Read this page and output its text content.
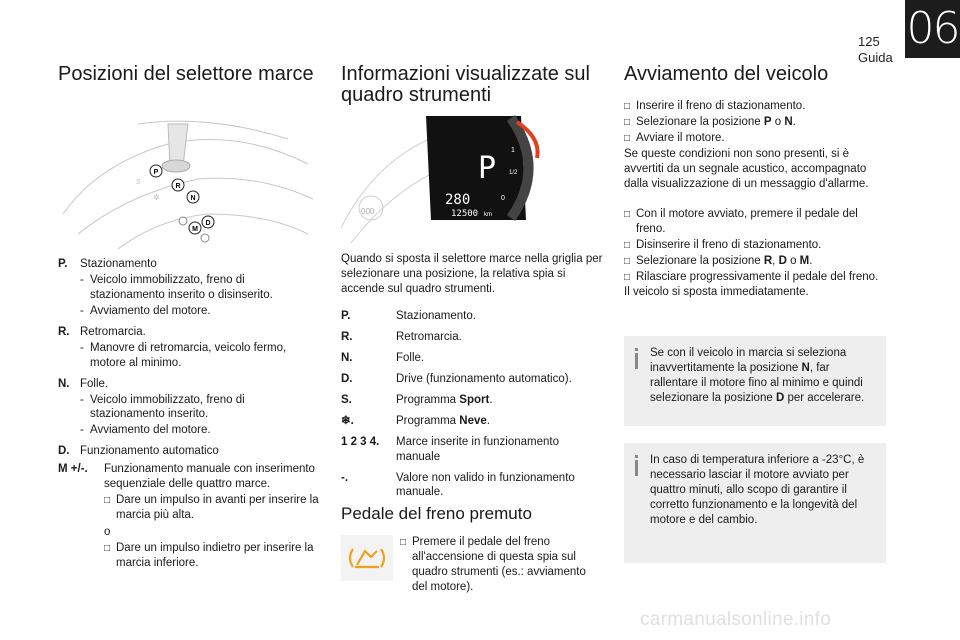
125
Guida
06
Posizioni del selettore marce
P
R
N
D
M
S
✲
P.	Stazionamento
- Veicolo immobilizzato, freno di stazionamento inserito o disinserito.
- Avviamento del motore.
R. Retromarcia.
- Manovre di retromarcia, veicolo fermo, motore al minimo.
N. Folle.
- Veicolo immobilizzato, freno di stazionamento inserito.
- Avviamento del motore.
D. Funzionamento automatico
M +/-.	Funzionamento manuale con inserimento sequenziale delle quattro marce.
□ Dare un impulso in avanti per inserire la marcia più alta.
o
□ Dare un impulso indietro per inserire la marcia inferiore.
Informazioni visualizzate sul quadro strumenti
000
P
280
12500 km
1
1/2
0
Quando si sposta il selettore marce nella griglia per selezionare una posizione, la relativa spia si accende sul quadro strumenti.
P.	Stazionamento.
R.	Retromarcia.
N.	Folle.
D.	Drive (funzionamento automatico).
S.	Programma Sport.
❄.	Programma Neve.
1 2 3 4.	Marce inserite in funzionamento manuale
-.	Valore non valido in funzionamento manuale.
Pedale del freno premuto
□ Premere il pedale del freno all'accensione di questa spia sul quadro strumenti (es.: avviamento del motore).
Avviamento del veicolo
□ Inserire il freno di stazionamento.
□ Selezionare la posizione P o N.
□ Avviare il motore.
Se queste condizioni non sono presenti, si è avvertiti da un segnale acustico, accompagnato dalla visualizzazione di un messaggio d'allarme.
□ Con il motore avviato, premere il pedale del freno.
□ Disinserire il freno di stazionamento.
□ Selezionare la posizione R, D o M.
□ Rilasciare progressivamente il pedale del freno.
Il veicolo si sposta immediatamente.
Se con il veicolo in marcia si seleziona inavvertitamente la posizione N, far rallentare il motore fino al minimo e quindi selezionare la posizione D per accelerare.
In caso di temperatura inferiore a -23°C, è necessario lasciar il motore avviato per quattro minuti, allo scopo di garantire il corretto funzionamento e la longevità del motore e del cambio.
carmanualsonline.info
